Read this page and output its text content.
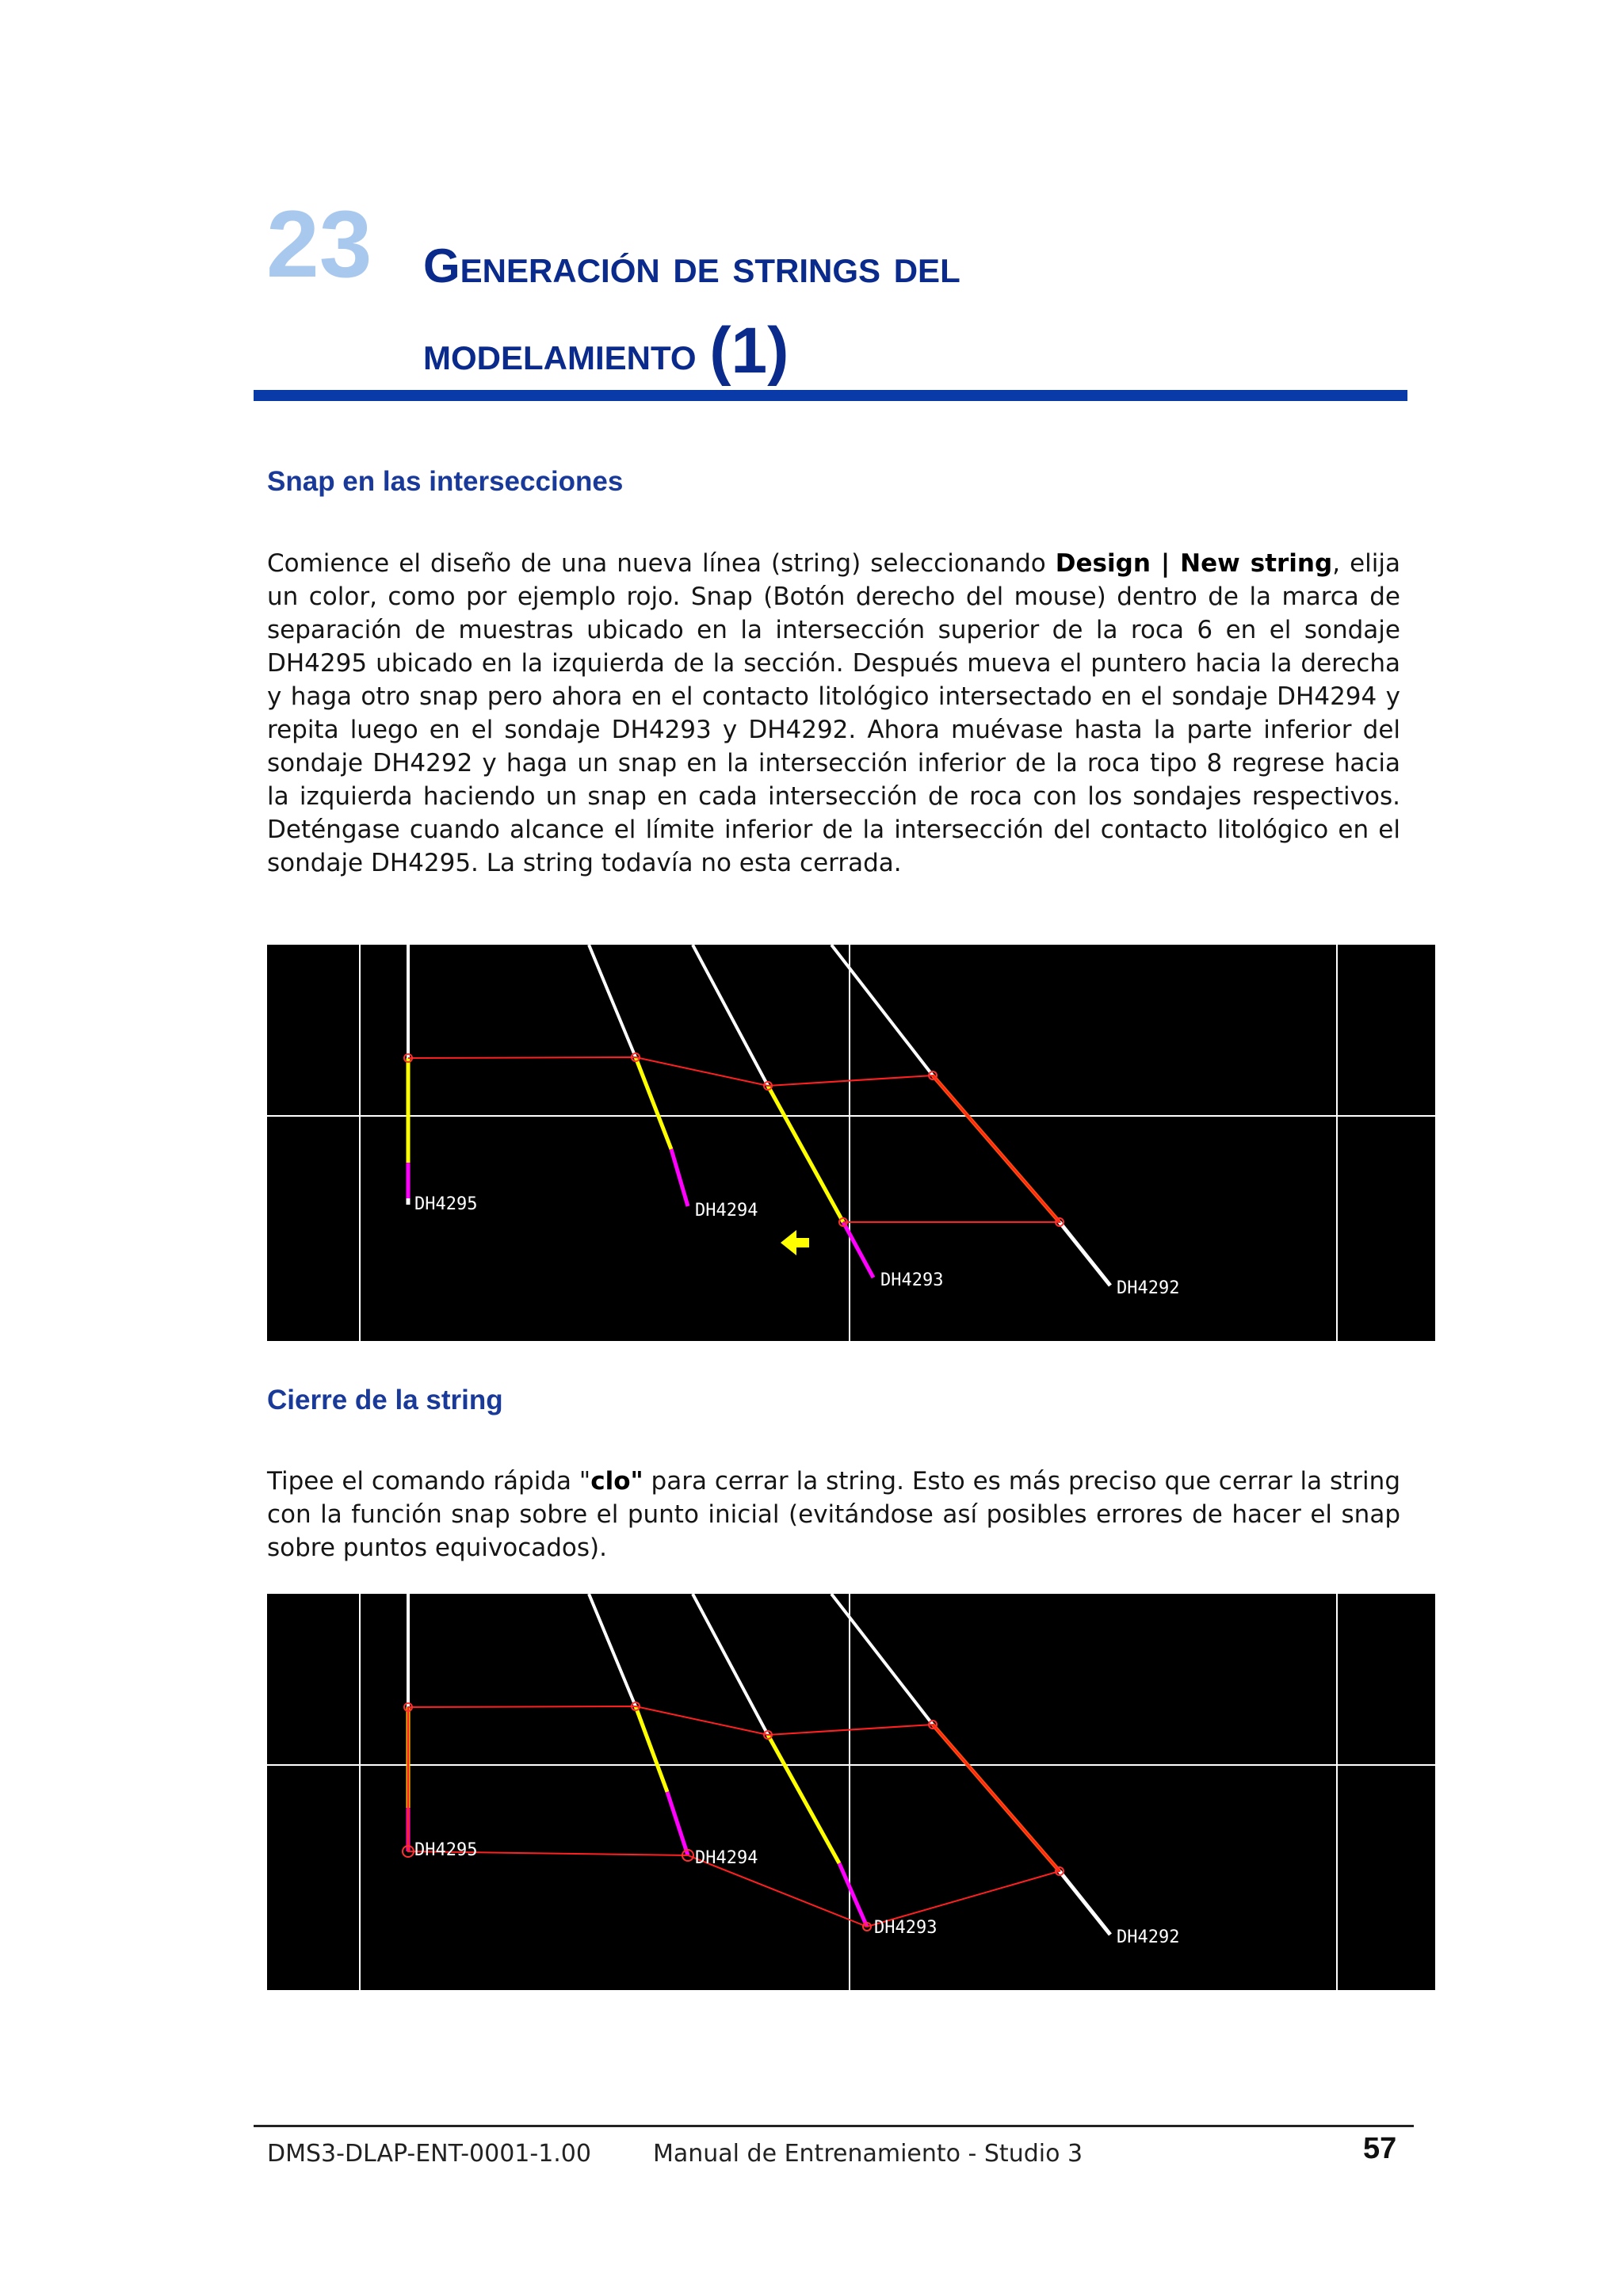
23 Generación de strings del
modelamiento (1)
Snap en las intersecciones
Comience el diseño de una nueva línea (string) seleccionando Design | New string, elija un color, como por ejemplo rojo. Snap (Botón derecho del mouse) dentro de la marca de separación de muestras ubicado en la intersección superior de la roca 6 en el sondaje DH4295 ubicado en la izquierda de la sección. Después mueva el puntero hacia la derecha y haga otro snap pero ahora en el contacto litológico intersectado en el sondaje DH4294 y repita luego en el sondaje DH4293 y DH4292. Ahora muévase hasta la parte inferior del sondaje DH4292 y haga un snap en la intersección inferior de la roca tipo 8 regrese hacia la izquierda haciendo un snap en cada intersección de roca con los sondajes respectivos. Deténgase cuando alcance el límite inferior de la intersección del contacto litológico en el sondaje DH4295. La string todavía no esta cerrada.
DH4295	DH4294
DH4293	DH4292
Cierre de la string
Tipee el comando rápida "clo" para cerrar la string. Esto es más preciso que cerrar la string con la función snap sobre el punto inicial (evitándose así posibles errores de hacer el snap sobre puntos equivocados).
DH4295	DH4294
DH4293	DH4292
DMS3-DLAP-ENT-0001-1.00	Manual de Entrenamiento - Studio 3	57
